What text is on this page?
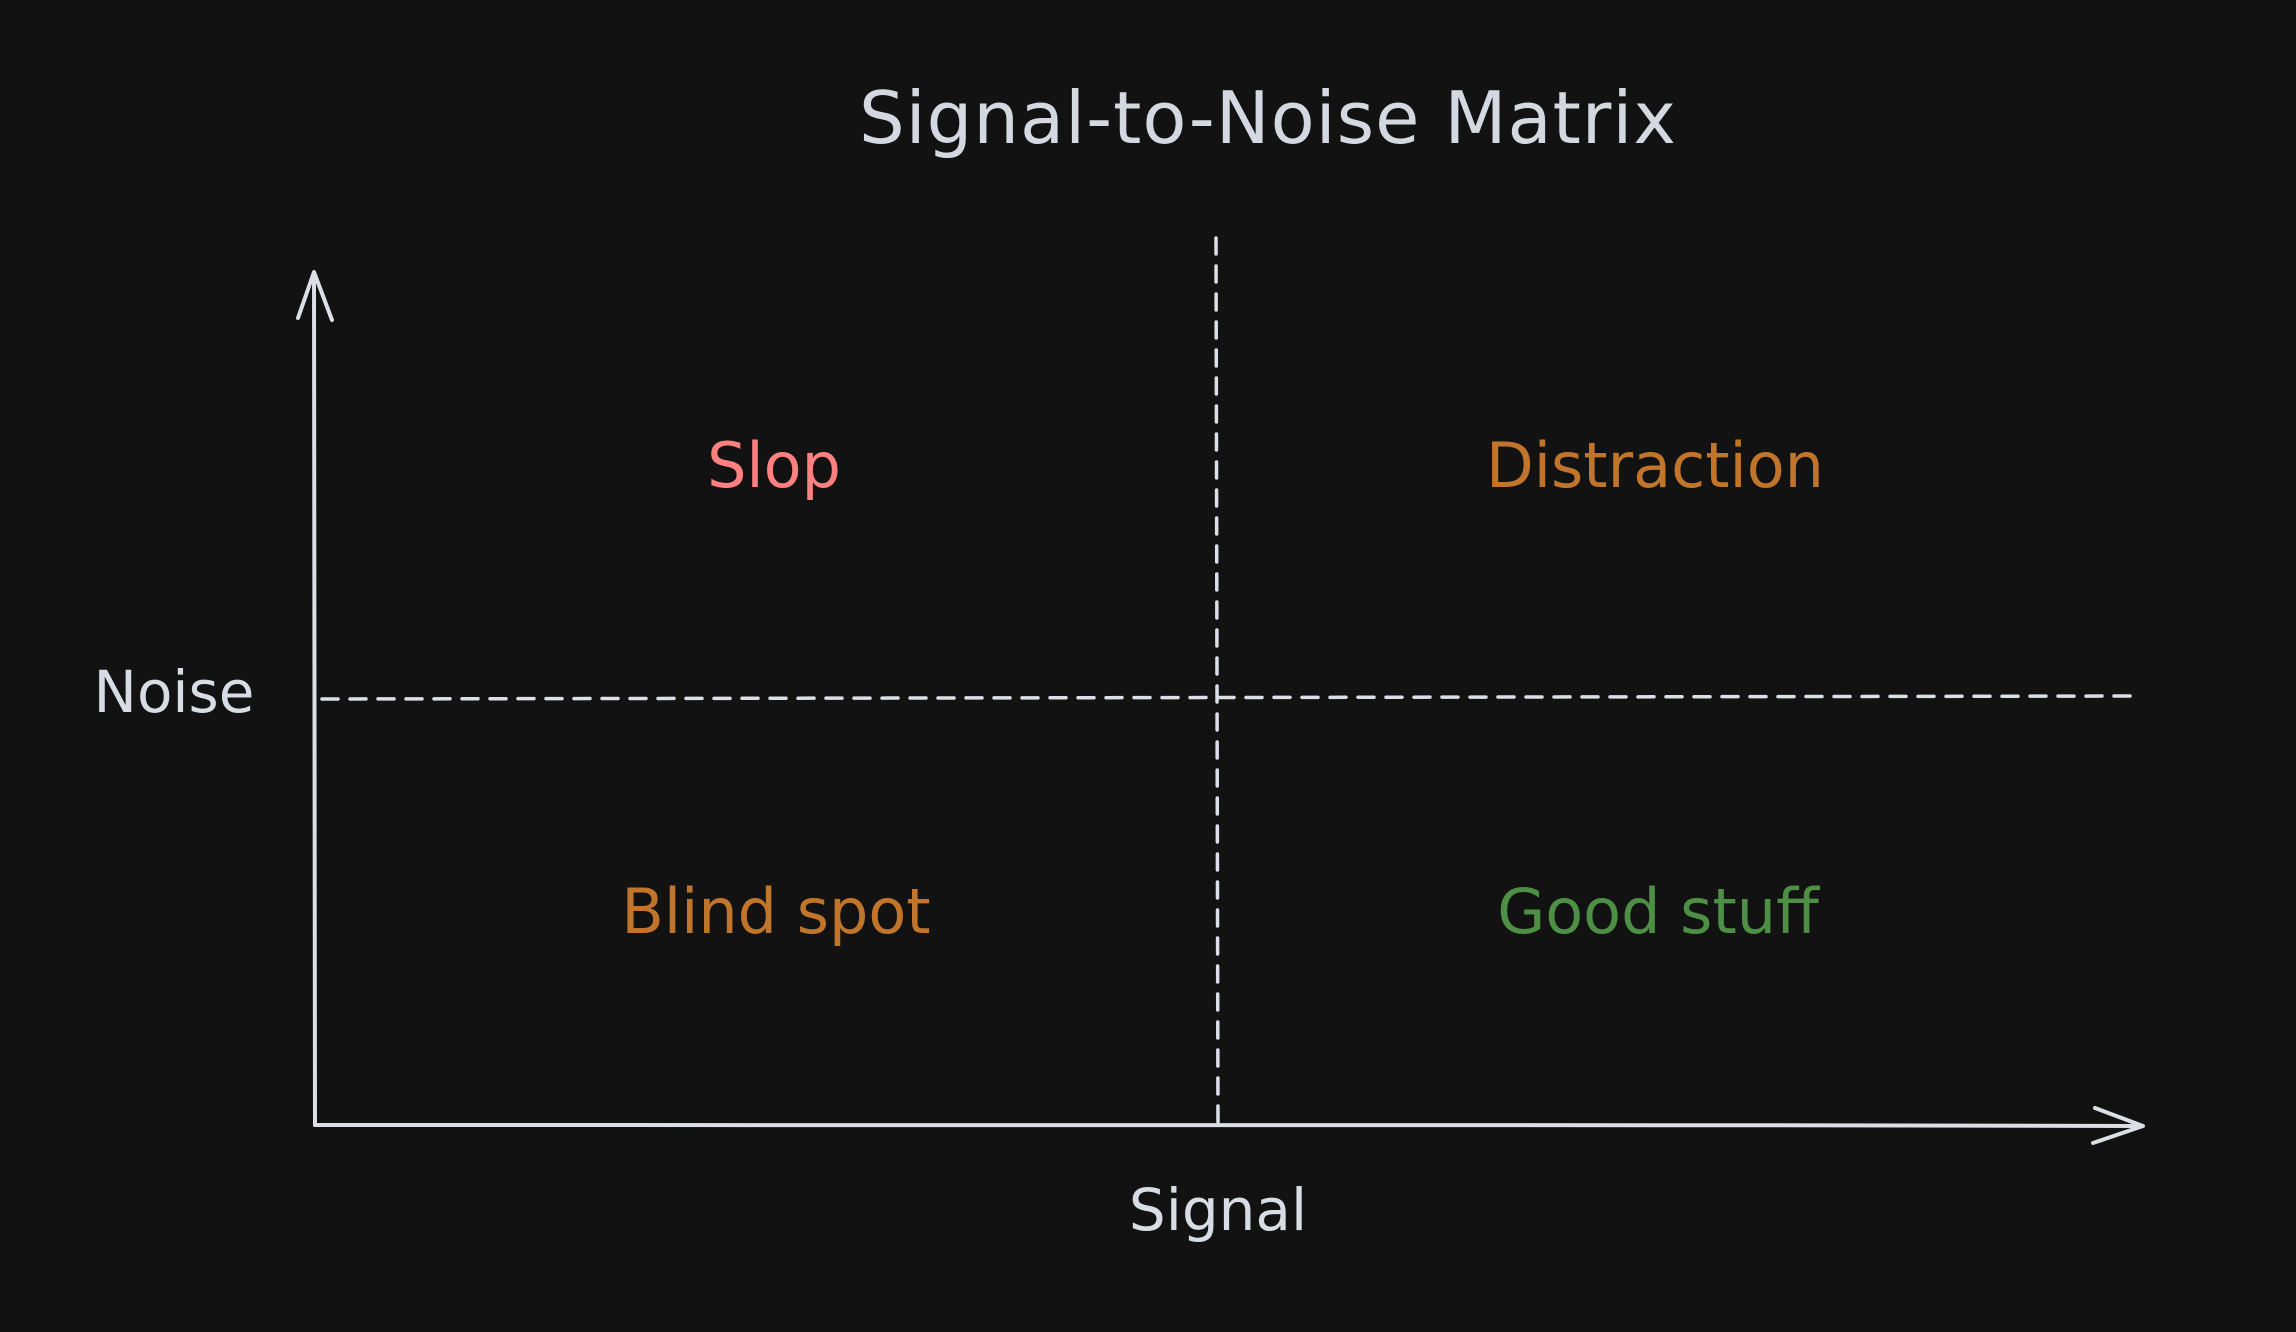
Signal-to-Noise Matrix
Noise
Signal
Slop	Distraction
Blind spot	Good stuff
